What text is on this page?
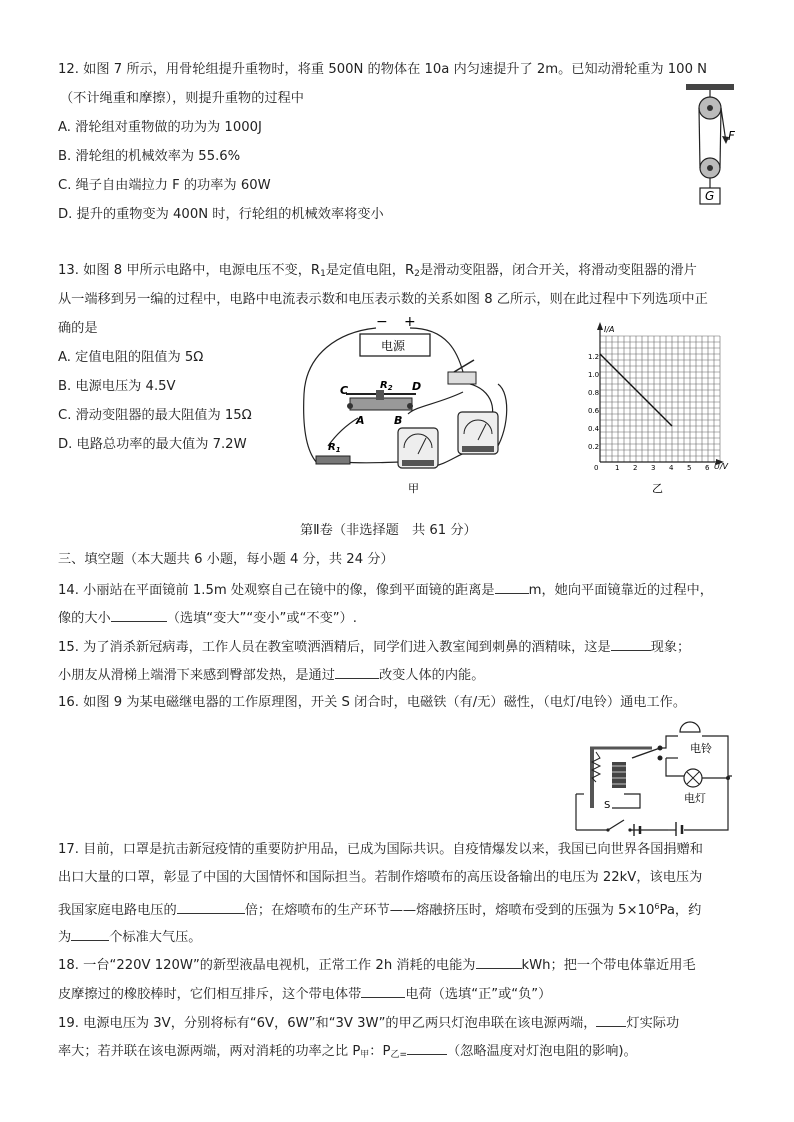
12. 如图 7 所示，用骨轮组提升重物时，将重 500N 的物体在 10a 内匀速提升了 2m。已知动滑轮重为 100 N
（不计绳重和摩擦），则提升重物的过程中
A. 滑轮组对重物做的功为为 1000J
B. 滑轮组的机械效率为 55.6%
C. 绳子自由端拉力 F 的功率为 60W
D. 提升的重物变为 400N 时，行轮组的机械效率将变小
F
G
13. 如图 8 甲所示电路中，电源电压不变，$R_1$是定值电阻，$R_2$是滑动变阻器，闭合开关，将滑动变阻器的滑片
从一端移到另一编的过程中，电路中电流表示数和电压表示数的关系如图 8 乙所示，则在此过程中下列选项中正
确的是
A. 定值电阻的阻值为 5Ω
B. 电源电压为 4.5V
C. 滑动变阻器的最大阻值为 15Ω
D. 电路总功率的最大值为 7.2W
− +
电源
C	D
A	B
$R_2$
$R_1$
甲
I/A
U/V
1.2
1.0
0.8
0.6
0.4
0.2
0 1 2 3 4 5 6
乙
第Ⅱ卷（非选择题　共 61 分）
三、填空题（本大题共 6 小题，每小题 4 分，共 24 分）
14. 小丽站在平面镜前 1.5m 处观察自己在镜中的像，像到平面镜的距离是	m，她向平面镜靠近的过程中，
像的大小	（选填“变大”“变小”或“不变”）.
15. 为了消杀新冠病毒，工作人员在教室喷洒酒精后，同学们进入教室闻到刺鼻的酒精味，这是	现象；
小朋友从滑梯上端滑下来感到臀部发热，是通过	改变人体的内能。
16. 如图 9 为某电磁继电器的工作原理图，开关 S 闭合时，电磁铁（有/无）磁性，（电灯/电铃）通电工作。
电铃
电灯
S
17. 目前，口罩是抗击新冠疫情的重要防护用品，已成为国际共识。自疫情爆发以来，我国已向世界各国捐赠和
出口大量的口罩，彰显了中国的大国情怀和国际担当。若制作熔喷布的高压设备输出的电压为 22kV，该电压为
我国家庭电路电压的	倍；在熔喷布的生产环节——熔融挤压时，熔喷布受到的压强为 $5\times 10^6Pa$，约
为	个标准大气压。
18. 一台“220V 120W”的新型液晶电视机，正常工作 2h 消耗的电能为	kWh；把一个带电体靠近用毛
皮摩擦过的橡胶棒时，它们相互排斥，这个带电体带	电荷（选填“正”或“负”）
19. 电源电压为 3V，分别将标有“6V，6W”和“3V 3W”的甲乙两只灯泡串联在该电源两端， 灯实际功
率大；若并联在该电源两端，两对消耗的功率之比 $P_甲$：$P_{乙=}$	（忽略温度对灯泡电阻的影响)。
